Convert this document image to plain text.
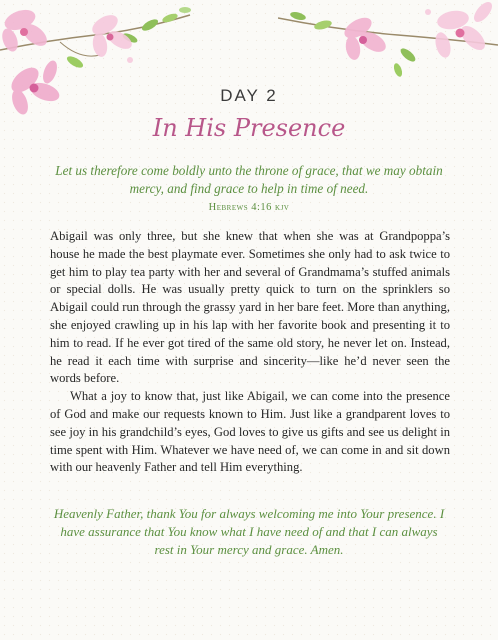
DAY 2
In His Presence
Let us therefore come boldly unto the throne of grace, that we may obtain mercy, and find grace to help in time of need.
Hebrews 4:16 kjv

Abigail was only three, but she knew that when she was at Grandpoppa’s house he made the best playmate ever. Sometimes she only had to ask twice to get him to play tea party with her and several of Grandmama’s stuffed animals or special dolls. He was usually pretty quick to turn on the sprinklers so Abigail could run through the grassy yard in her bare feet. More than anything, she enjoyed crawling up in his lap with her favorite book and presenting it to him to read. If he ever got tired of the same old story, he never let on. Instead, he read it each time with surprise and sincerity—like he’d never seen the words before.

What a joy to know that, just like Abigail, we can come into the presence of God and make our requests known to Him. Just like a grandparent loves to see joy in his grandchild’s eyes, God loves to give us gifts and see us delight in time spent with Him. Whatever we have need of, we can come in and sit down with our heavenly Father and tell Him everything.

Heavenly Father, thank You for always welcoming me into Your presence. I have assurance that You know what I have need of and that I can always rest in Your mercy and grace. Amen.
